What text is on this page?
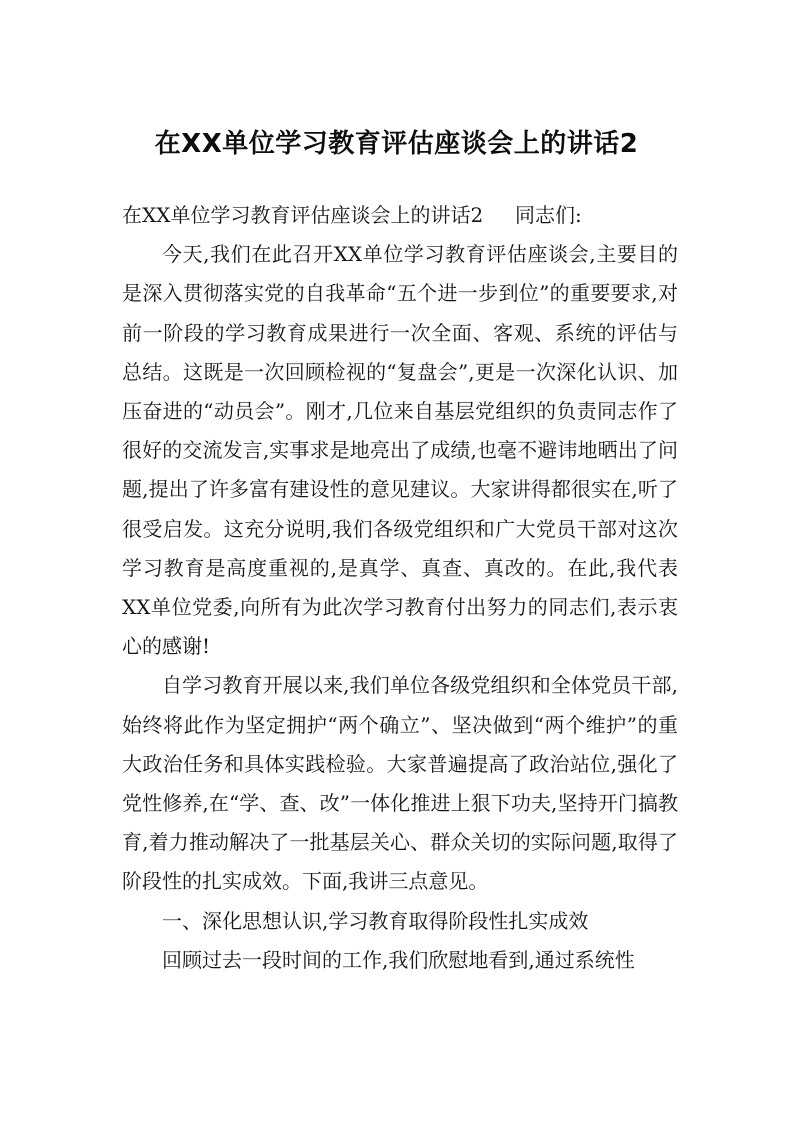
在XX单位学习教育评估座谈会上的讲话2

在XX单位学习教育评估座谈会上的讲话2     同志们:

今天,我们在此召开XX单位学习教育评估座谈会,主要目的是深入贯彻落实党的自我革命“五个进一步到位”的重要要求,对前一阶段的学习教育成果进行一次全面、客观、系统的评估与总结。这既是一次回顾检视的“复盘会”,更是一次深化认识、加压奋进的“动员会”。刚才,几位来自基层党组织的负责同志作了很好的交流发言,实事求是地亮出了成绩,也毫不避讳地晒出了问题,提出了许多富有建设性的意见建议。大家讲得都很实在,听了很受启发。这充分说明,我们各级党组织和广大党员干部对这次学习教育是高度重视的,是真学、真查、真改的。在此,我代表XX单位党委,向所有为此次学习教育付出努力的同志们,表示衷心的感谢!

自学习教育开展以来,我们单位各级党组织和全体党员干部,始终将此作为坚定拥护“两个确立”、坚决做到“两个维护”的重大政治任务和具体实践检验。大家普遍提高了政治站位,强化了党性修养,在“学、查、改”一体化推进上狠下功夫,坚持开门搞教育,着力推动解决了一批基层关心、群众关切的实际问题,取得了阶段性的扎实成效。下面,我讲三点意见。

一、深化思想认识,学习教育取得阶段性扎实成效

回顾过去一段时间的工作,我们欣慰地看到,通过系统性
